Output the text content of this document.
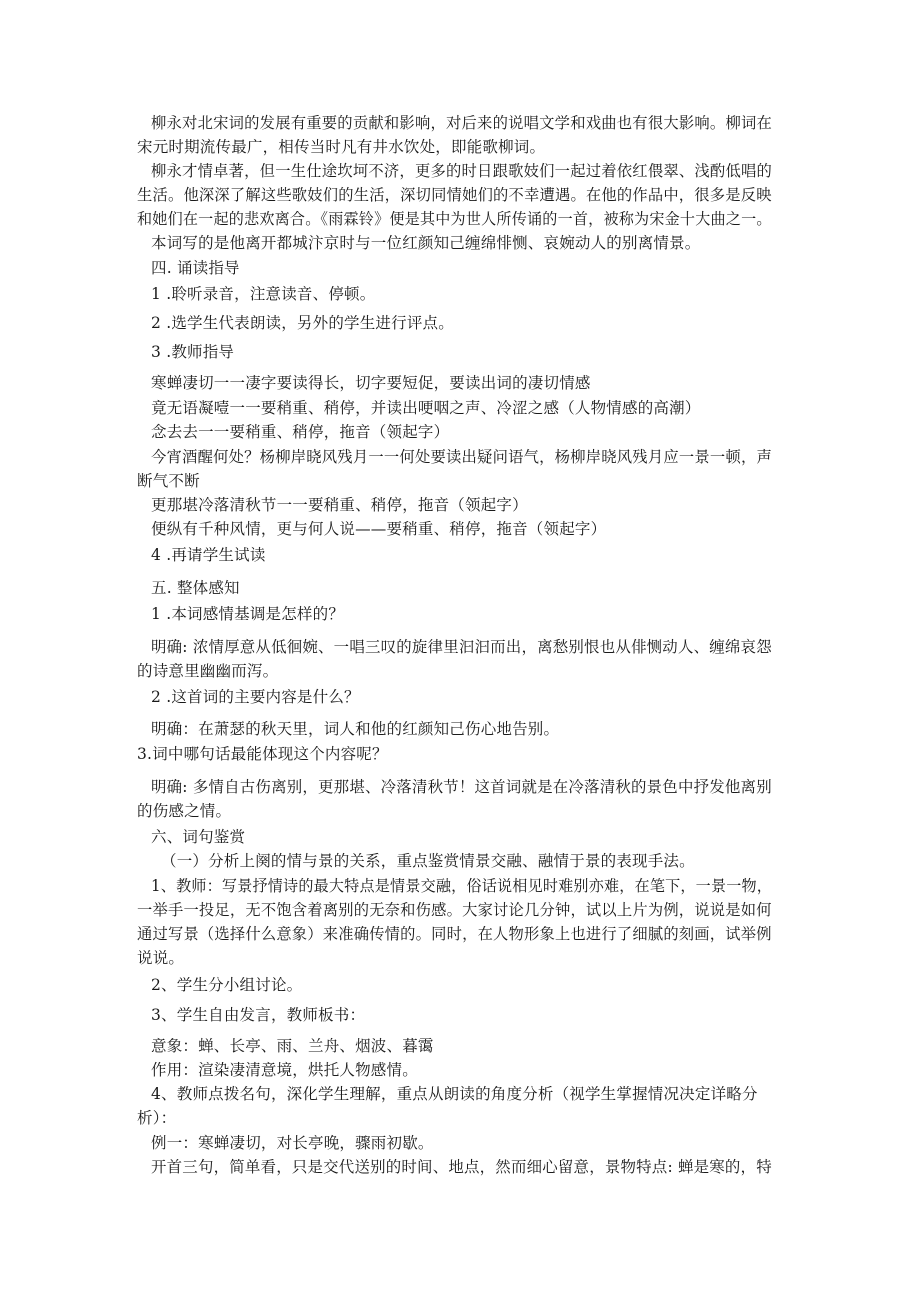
柳永对北宋词的发展有重要的贡献和影响，对后来的说唱文学和戏曲也有很大影响。柳词在
宋元时期流传最广，相传当时凡有井水饮处，即能歌柳词。
柳永才情卓著，但一生仕途坎坷不济，更多的时日跟歌妓们一起过着依红偎翠、浅酌低唱的
生活。他深深了解这些歌妓们的生活，深切同情她们的不幸遭遇。在他的作品中，很多是反映
和她们在一起的悲欢离合。《雨霖铃》便是其中为世人所传诵的一首，被称为宋金十大曲之一。
本词写的是他离开都城汴京时与一位红颜知己缠绵悱恻、哀婉动人的别离情景。
四. 诵读指导
1 .聆听录音，注意读音、停顿。
2 .选学生代表朗读，另外的学生进行评点。
3 .教师指导
寒蝉凄切一一凄字要读得长，切字要短促，要读出词的凄切情感
竟无语凝噎一一要稍重、稍停，并读出哽咽之声、冷涩之感（人物情感的高潮）
念去去一一要稍重、稍停，拖音（领起字）
今宵酒醒何处？杨柳岸晓风残月一一何处要读出疑问语气，杨柳岸晓风残月应一景一顿，声
断气不断
更那堪冷落清秋节一一要稍重、稍停，拖音（领起字）
便纵有千种风情，更与何人说——要稍重、稍停，拖音（领起字）
4 .再请学生试读
五. 整体感知
1 .本词感情基调是怎样的？
明确: 浓情厚意从低徊婉、一唱三叹的旋律里汩汩而出，离愁别恨也从俳恻动人、缠绵哀怨
的诗意里幽幽而泻。
2 .这首词的主要内容是什么？
明确：在萧瑟的秋天里，词人和他的红颜知己伤心地告别。
3.词中哪句话最能体现这个内容呢？
明确: 多情自古伤离别，更那堪、冷落清秋节！这首词就是在冷落清秋的景色中抒发他离别
的伤感之情。
六、词句鉴赏
（一）分析上阕的情与景的关系，重点鉴赏情景交融、融情于景的表现手法。
1、教师：写景抒情诗的最大特点是情景交融，俗话说相见时难别亦难，在笔下，一景一物，
一举手一投足，无不饱含着离别的无奈和伤感。大家讨论几分钟，试以上片为例，说说是如何
通过写景（选择什么意象）来准确传情的。同时，在人物形象上也进行了细腻的刻画，试举例
说说。
2、学生分小组讨论。
3、学生自由发言，教师板书：
意象：蝉、长亭、雨、兰舟、烟波、暮霭
作用：渲染凄清意境，烘托人物感情。
4、教师点拨名句，深化学生理解，重点从朗读的角度分析（视学生掌握情况决定详略分
析）：
例一：寒蝉凄切，对长亭晚，骤雨初歇。
开首三句，简单看，只是交代送别的时间、地点，然而细心留意，景物特点: 蝉是寒的，特
